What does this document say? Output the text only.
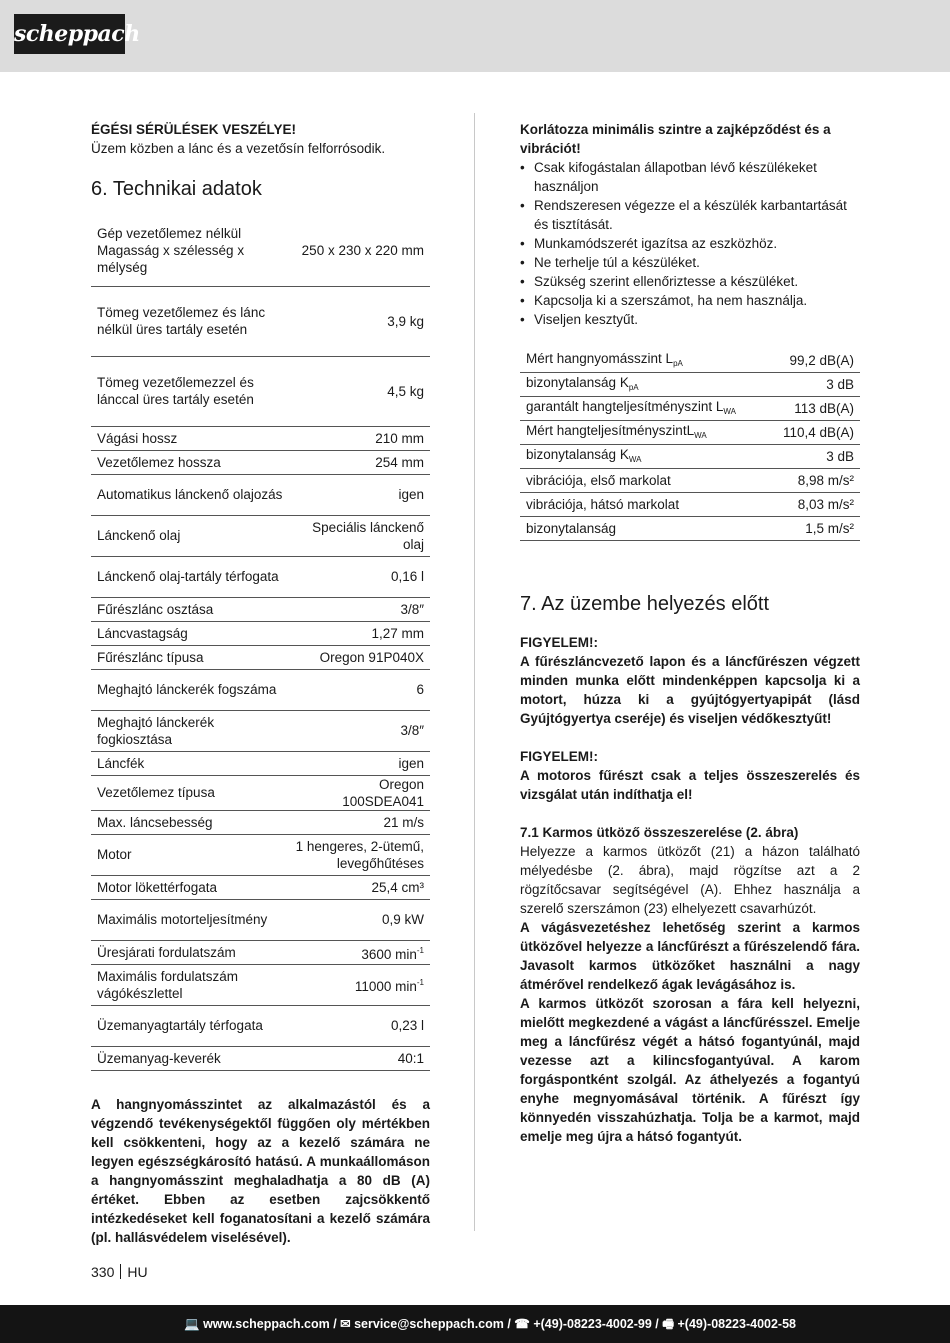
scheppach

ÉGÉSI SÉRÜLÉSEK VESZÉLYE!

Üzem közben a lánc és a vezetősín felforrósodik.

6. Technikai adatok
Gép vezetőlemez nélkül Magasság x szélesség x mélység	250 x 230 x 220 mm
Tömeg vezetőlemez és lánc nélkül üres tartály esetén	3,9 kg
Tömeg vezetőlemezzel és lánccal üres tartály esetén	4,5 kg
Vágási hossz	210 mm
Vezetőlemez hossza	254 mm
Automatikus lánckenő olajozás	igen
Lánckenő olaj	Speciális lánckenő olaj
Lánckenő olaj-tartály térfogata	0,16 l
Fűrészlánc osztása	3/8″
Láncvastagság	1,27 mm
Fűrészlánc típusa	Oregon 91P040X
Meghajtó lánckerék fogszáma	6
Meghajtó lánckerék fogkiosztása	3/8″
Láncfék	igen
Vezetőlemez típusa	Oregon 100SDEA041
Max. láncsebesség	21 m/s
Motor	1 hengeres, 2-ütemű, levegőhűtéses
Motor lökettérfogata	25,4 cm³
Maximális motorteljesítmény	0,9 kW
Üresjárati fordulatszám	3600 $\min^{-1}$
Maximális fordulatszám vágókészlettel	11000 $\min^{-1}$
Üzemanyagtartály térfogata	0,23 l
Üzemanyag-keverék	40:1

A hangnyomásszintet az alkalmazástól és a végzendő tevékenységektől függően oly mértékben kell csökkenteni, hogy az a kezelő számára ne legyen egészségkárosító hatású. A munkaállomáson a hangnyomásszint meghaladhatja a 80 dB (A) értéket. Ebben az esetben zajcsökkentő intézkedéseket kell foganatosítani a kezelő számára (pl. hallásvédelem viselésével).

Korlátozza minimális szintre a zajképződést és a vibrációt!

• Csak kifogástalan állapotban lévő készülékeket használjon
• Rendszeresen végezze el a készülék karbantartását és tisztítását.
• Munkamódszerét igazítsa az eszközhöz.
• Ne terhelje túl a készüléket.
• Szükség szerint ellenőriztesse a készüléket.
• Kapcsolja ki a szerszámot, ha nem használja.
• Viseljen kesztyűt.
Mért hangnyomásszint $L_{pA}$	99,2 dB(A)
bizonytalanság $K_{pA}$	3 dB
garantált hangteljesítményszint $L_{WA}$	113 dB(A)
Mért hangteljesítményszintL$_{WA}$	110,4 dB(A)
bizonytalanság $K_{WA}$	3 dB
vibrációja, első markolat	8,98 m/s²
vibrációja, hátsó markolat	8,03 m/s²
bizonytalanság	1,5 m/s²
7. Az üzembe helyezés előtt

FIGYELEM!:

A fűrészláncvezető lapon és a láncfűrészen végzett minden munka előtt mindenképpen kapcsolja ki a motort, húzza ki a gyújtógyertyapipát (lásd Gyújtógyertya cseréje) és viseljen védőkesztyűt!

FIGYELEM!:

A motoros fűrészt csak a teljes összeszerelés és vizsgálat után indíthatja el!

7.1 Karmos ütköző összeszerelése (2. ábra)

Helyezze a karmos ütközőt (21) a házon található mélyedésbe (2. ábra), majd rögzítse azt a 2 rögzítőcsavar segítségével (A). Ehhez használja a szerelő szerszámon (23) elhelyezett csavarhúzót.

A vágásvezetéshez lehetőség szerint a karmos ütközővel helyezze a láncfűrészt a fűrészelendő fára. Javasolt karmos ütközőket használni a nagy átmérővel rendelkező ágak levágásához is.

A karmos ütközőt szorosan a fára kell helyezni, mielőtt megkezdené a vágást a láncfűrésszel. Emelje meg a láncfűrész végét a hátsó fogantyúnál, majd vezesse azt a kilincsfogantyúval. A karom forgáspontként szolgál. Az áthelyezés a fogantyú enyhe megnyomásával történik. A fűrészt így könnyedén visszahúzhatja. Tolja be a karmot, majd emelje meg újra a hátsó fogantyút.

330 HU
💻 www.scheppach.com / ✉ service@scheppach.com / ☎ +(49)-08223-4002-99 / 🖷 +(49)-08223-4002-58
